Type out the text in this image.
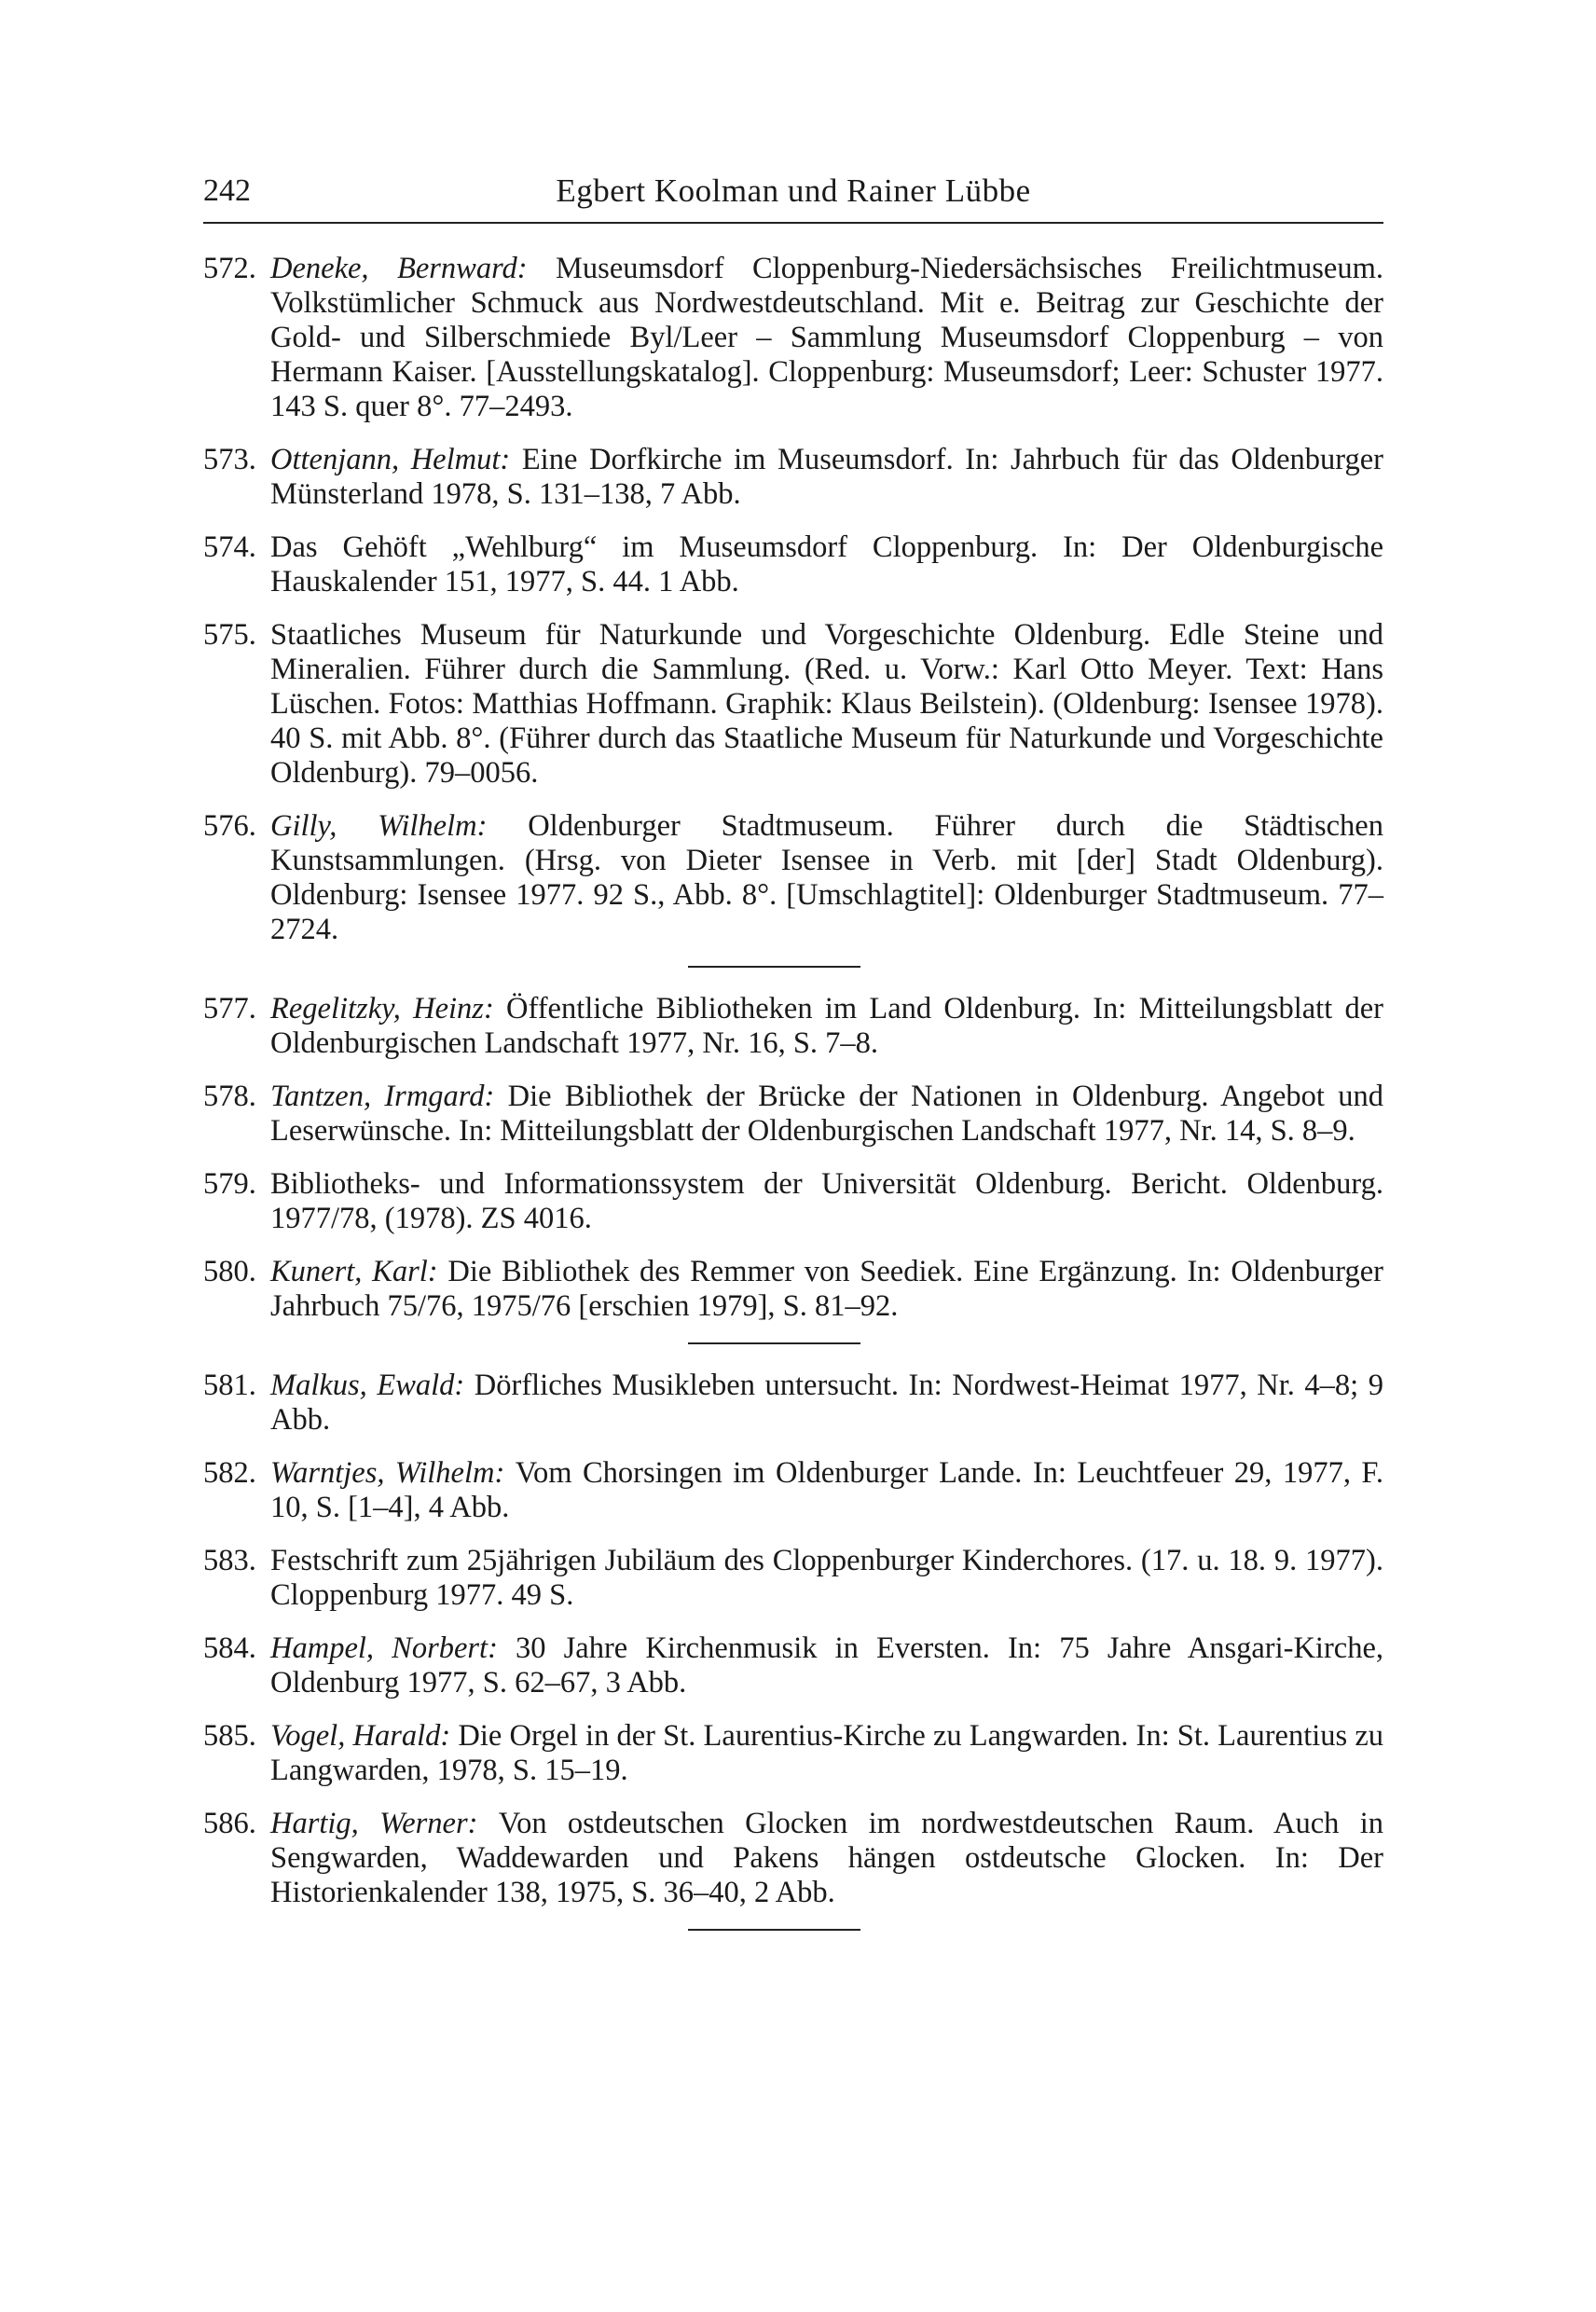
242	Egbert Koolman und Rainer Lübbe
572. Deneke, Bernward: Museumsdorf Cloppenburg-Niedersächsisches Freilichtmuseum. Volkstümlicher Schmuck aus Nordwestdeutschland. Mit e. Beitrag zur Geschichte der Gold- und Silberschmiede Byl/Leer – Sammlung Museumsdorf Cloppenburg – von Hermann Kaiser. [Ausstellungskatalog]. Cloppenburg: Museumsdorf; Leer: Schuster 1977. 143 S. quer 8°. 77–2493.
573. Ottenjann, Helmut: Eine Dorfkirche im Museumsdorf. In: Jahrbuch für das Oldenburger Münsterland 1978, S. 131–138, 7 Abb.
574. Das Gehöft „Wehlburg“ im Museumsdorf Cloppenburg. In: Der Oldenburgische Hauskalender 151, 1977, S. 44. 1 Abb.
575. Staatliches Museum für Naturkunde und Vorgeschichte Oldenburg. Edle Steine und Mineralien. Führer durch die Sammlung. (Red. u. Vorw.: Karl Otto Meyer. Text: Hans Lüschen. Fotos: Matthias Hoffmann. Graphik: Klaus Beilstein). (Oldenburg: Isensee 1978). 40 S. mit Abb. 8°. (Führer durch das Staatliche Museum für Naturkunde und Vorgeschichte Oldenburg). 79–0056.
576. Gilly, Wilhelm: Oldenburger Stadtmuseum. Führer durch die Städtischen Kunstsammlungen. (Hrsg. von Dieter Isensee in Verb. mit [der] Stadt Oldenburg). Oldenburg: Isensee 1977. 92 S., Abb. 8°. [Umschlagtitel]: Oldenburger Stadtmuseum. 77–2724.
577. Regelitzky, Heinz: Öffentliche Bibliotheken im Land Oldenburg. In: Mitteilungsblatt der Oldenburgischen Landschaft 1977, Nr. 16, S. 7–8.
578. Tantzen, Irmgard: Die Bibliothek der Brücke der Nationen in Oldenburg. Angebot und Leserwünsche. In: Mitteilungsblatt der Oldenburgischen Landschaft 1977, Nr. 14, S. 8–9.
579. Bibliotheks- und Informationssystem der Universität Oldenburg. Bericht. Oldenburg. 1977/78, (1978). ZS 4016.
580. Kunert, Karl: Die Bibliothek des Remmer von Seediek. Eine Ergänzung. In: Oldenburger Jahrbuch 75/76, 1975/76 [erschien 1979], S. 81–92.
581. Malkus, Ewald: Dörfliches Musikleben untersucht. In: Nordwest-Heimat 1977, Nr. 4–8; 9 Abb.
582. Warntjes, Wilhelm: Vom Chorsingen im Oldenburger Lande. In: Leuchtfeuer 29, 1977, F. 10, S. [1–4], 4 Abb.
583. Festschrift zum 25jährigen Jubiläum des Cloppenburger Kinderchores. (17. u. 18. 9. 1977). Cloppenburg 1977. 49 S.
584. Hampel, Norbert: 30 Jahre Kirchenmusik in Eversten. In: 75 Jahre Ansgari-Kirche, Oldenburg 1977, S. 62–67, 3 Abb.
585. Vogel, Harald: Die Orgel in der St. Laurentius-Kirche zu Langwarden. In: St. Laurentius zu Langwarden, 1978, S. 15–19.
586. Hartig, Werner: Von ostdeutschen Glocken im nordwestdeutschen Raum. Auch in Sengwarden, Waddewarden und Pakens hängen ostdeutsche Glocken. In: Der Historienkalender 138, 1975, S. 36–40, 2 Abb.
